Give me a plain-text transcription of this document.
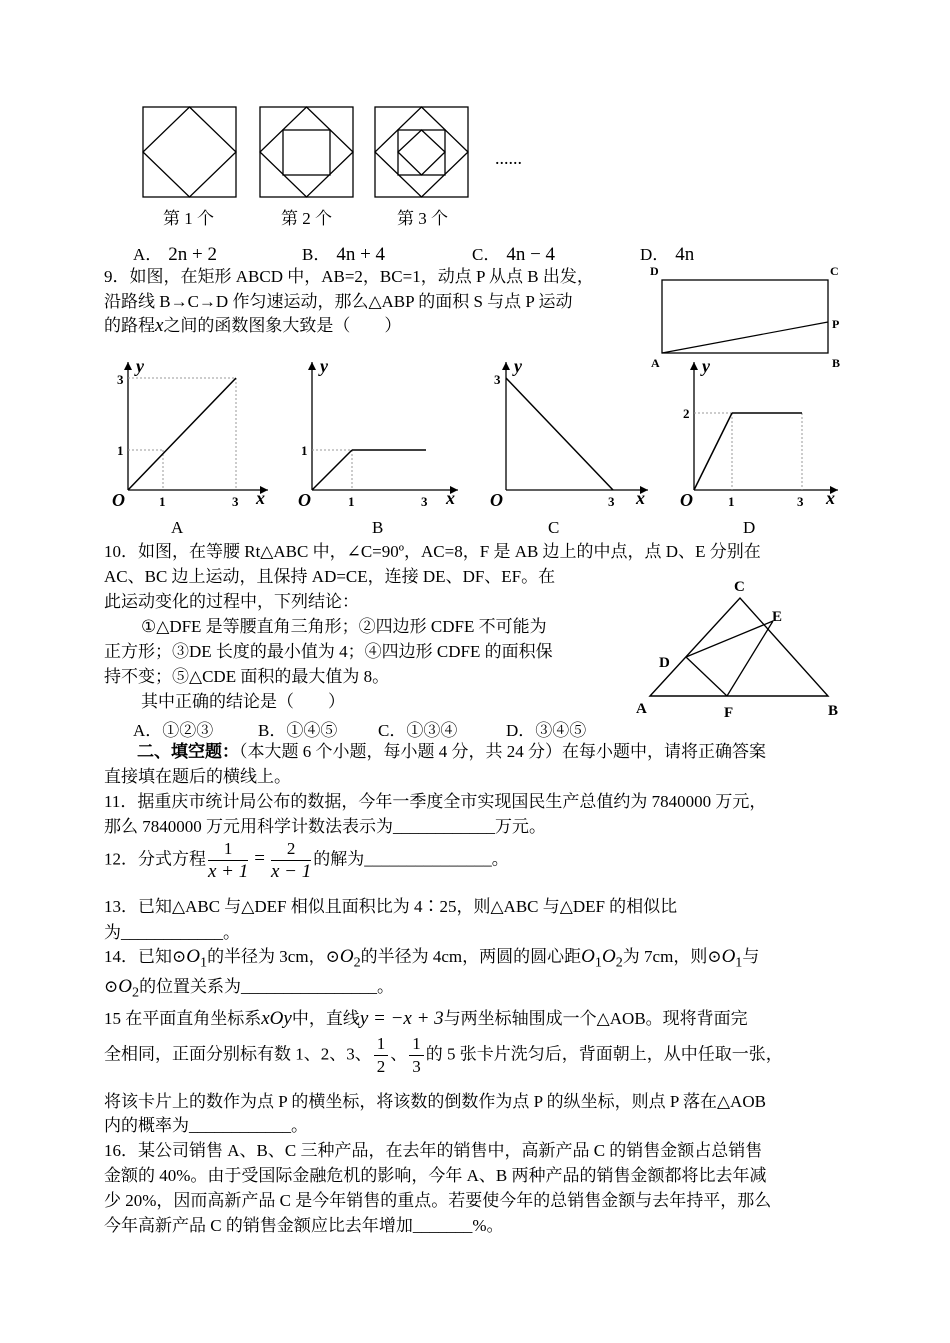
......
第 1 个	第 2 个	第 3 个
A． 2n + 2	B． 4n + 4	C． 4n − 4	D． 4n
9．如图，在矩形 ABCD 中，AB=2，BC=1，动点 P 从点 B 出发，
沿路线 B→C→D 作匀速运动，那么△ABP 的面积 S 与点 P 运动
的路程x之间的函数图象大致是（　　）
D	C
A	B
P
y
x
O
3
1
1	3
A
y
x
O
1
1	3
B
y
x
O
3
3
C
y
x
O
2
1	3
D
10．如图，在等腰 Rt△ABC 中，∠C=90º，AC=8，F 是 AB 边上的中点，点 D、E 分别在
AC、BC 边上运动，且保持 AD=CE，连接 DE、DF、EF。在
此运动变化的过程中，下列结论：
①△DFE 是等腰直角三角形；②四边形 CDFE 不可能为
正方形；③DE 长度的最小值为 4；④四边形 CDFE 的面积保
持不变；⑤△CDE 面积的最大值为 8。
其中正确的结论是（　　）
A．①②③	B．①④⑤ C．①③④	D．③④⑤
C
E
D
A	F	B
二、填空题：（本大题 6 个小题，每小题 4 分，共 24 分）在每小题中，请将正确答案
直接填在题后的横线上。
11．据重庆市统计局公布的数据，今年一季度全市实现国民生产总值约为 7840000 万元，
那么 7840000 万元用科学计数法表示为____________万元。
12．分式方程 $\frac{1}{x + 1} = \frac{2}{x - 1}$ 的解为_______________。
13．已知△ABC 与△DEF 相似且面积比为 4∶25，则△ABC 与△DEF 的相似比
为____________。
14．已知$⊙O_1$的半径为 3cm，$⊙O_2$的半径为 4cm，两圆的圆心距$O_1O_2$为 7cm，则$⊙O_1$与
$⊙O_2$的位置关系为________________。
15 在平面直角坐标系xOy中，直线y = −x + 3与两坐标轴围成一个△AOB。现将背面完
全相同，正面分别标有数 1、2、3、 $\frac{1}{2}$ 、 $\frac{1}{3}$ 的 5 张卡片洗匀后，背面朝上，从中任取一张，
将该卡片上的数作为点 P 的横坐标，将该数的倒数作为点 P 的纵坐标，则点 P 落在△AOB
内的概率为____________。
16．某公司销售 A、B、C 三种产品，在去年的销售中，高新产品 C 的销售金额占总销售
金额的 40%。由于受国际金融危机的影响，今年 A、B 两种产品的销售金额都将比去年减
少 20%，因而高新产品 C 是今年销售的重点。若要使今年的总销售金额与去年持平，那么
今年高新产品 C 的销售金额应比去年增加_______%。
